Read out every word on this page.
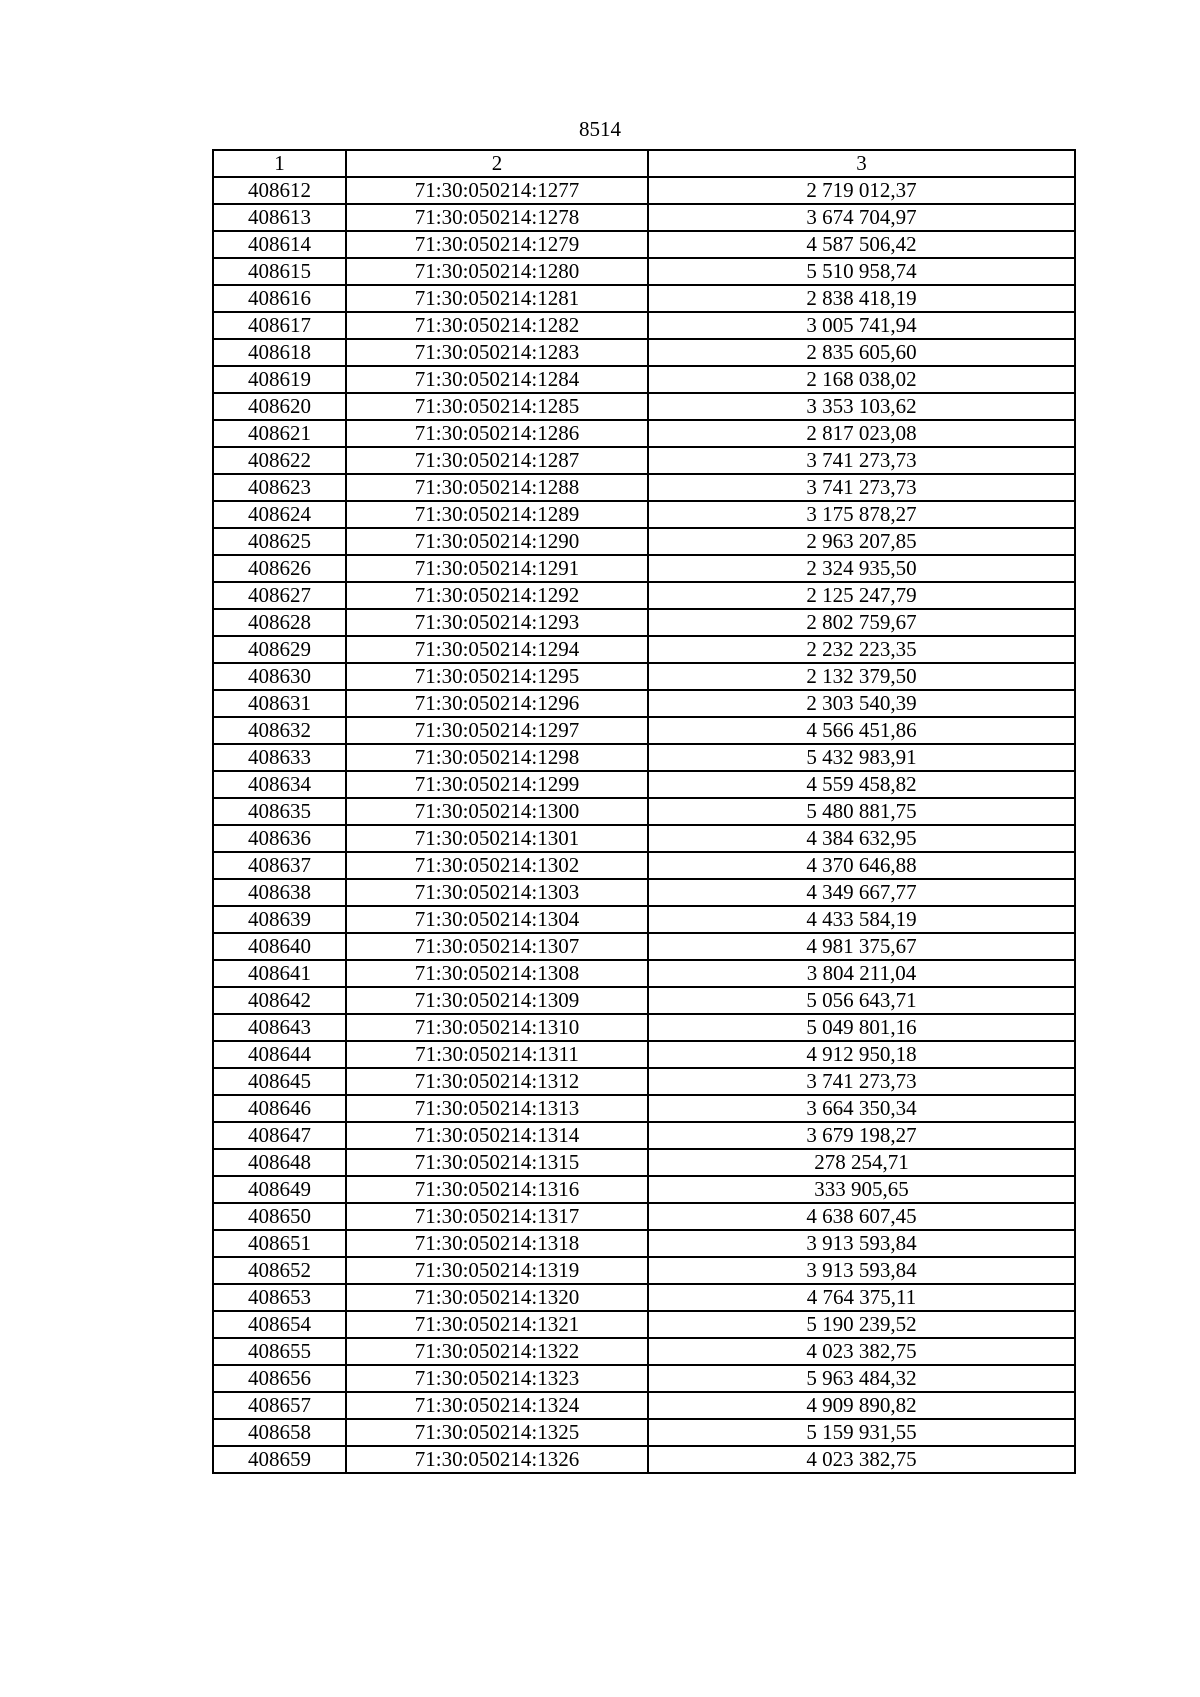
8514
1	2	3
408612	71:30:050214:1277	2 719 012,37
408613	71:30:050214:1278	3 674 704,97
408614	71:30:050214:1279	4 587 506,42
408615	71:30:050214:1280	5 510 958,74
408616	71:30:050214:1281	2 838 418,19
408617	71:30:050214:1282	3 005 741,94
408618	71:30:050214:1283	2 835 605,60
408619	71:30:050214:1284	2 168 038,02
408620	71:30:050214:1285	3 353 103,62
408621	71:30:050214:1286	2 817 023,08
408622	71:30:050214:1287	3 741 273,73
408623	71:30:050214:1288	3 741 273,73
408624	71:30:050214:1289	3 175 878,27
408625	71:30:050214:1290	2 963 207,85
408626	71:30:050214:1291	2 324 935,50
408627	71:30:050214:1292	2 125 247,79
408628	71:30:050214:1293	2 802 759,67
408629	71:30:050214:1294	2 232 223,35
408630	71:30:050214:1295	2 132 379,50
408631	71:30:050214:1296	2 303 540,39
408632	71:30:050214:1297	4 566 451,86
408633	71:30:050214:1298	5 432 983,91
408634	71:30:050214:1299	4 559 458,82
408635	71:30:050214:1300	5 480 881,75
408636	71:30:050214:1301	4 384 632,95
408637	71:30:050214:1302	4 370 646,88
408638	71:30:050214:1303	4 349 667,77
408639	71:30:050214:1304	4 433 584,19
408640	71:30:050214:1307	4 981 375,67
408641	71:30:050214:1308	3 804 211,04
408642	71:30:050214:1309	5 056 643,71
408643	71:30:050214:1310	5 049 801,16
408644	71:30:050214:1311	4 912 950,18
408645	71:30:050214:1312	3 741 273,73
408646	71:30:050214:1313	3 664 350,34
408647	71:30:050214:1314	3 679 198,27
408648	71:30:050214:1315	278 254,71
408649	71:30:050214:1316	333 905,65
408650	71:30:050214:1317	4 638 607,45
408651	71:30:050214:1318	3 913 593,84
408652	71:30:050214:1319	3 913 593,84
408653	71:30:050214:1320	4 764 375,11
408654	71:30:050214:1321	5 190 239,52
408655	71:30:050214:1322	4 023 382,75
408656	71:30:050214:1323	5 963 484,32
408657	71:30:050214:1324	4 909 890,82
408658	71:30:050214:1325	5 159 931,55
408659	71:30:050214:1326	4 023 382,75
